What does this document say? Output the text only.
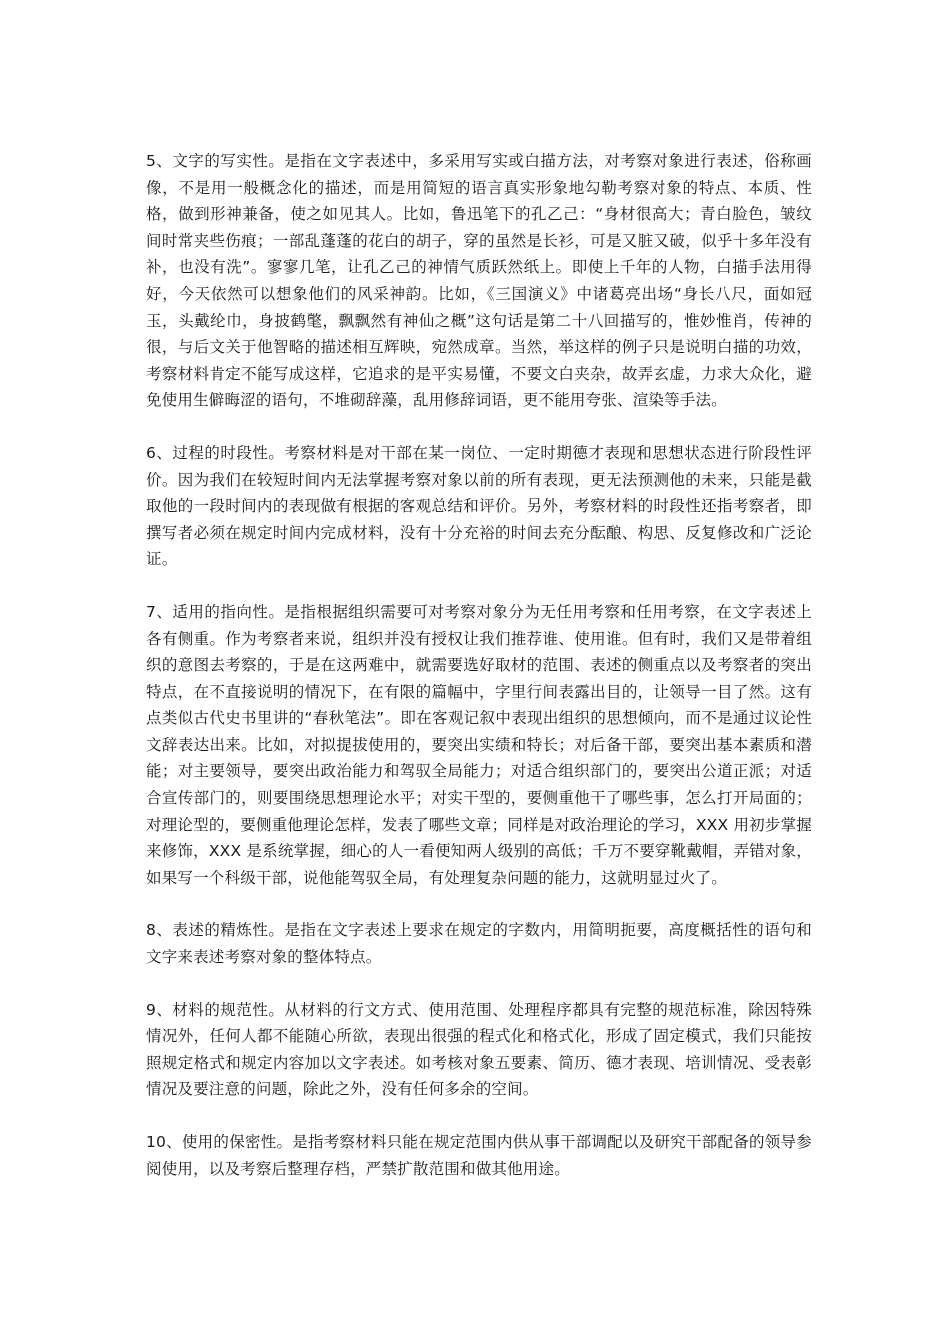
5、文字的写实性。是指在文字表述中，多采用写实或白描方法，对考察对象进行表述，俗称画像，不是用一般概念化的描述，而是用简短的语言真实形象地勾勒考察对象的特点、本质、性格，做到形神兼备，使之如见其人。比如，鲁迅笔下的孔乙己：“身材很高大；青白脸色，皱纹间时常夹些伤痕；一部乱蓬蓬的花白的胡子，穿的虽然是长衫，可是又脏又破，似乎十多年没有补，也没有洗”。寥寥几笔，让孔乙己的神情气质跃然纸上。即使上千年的人物，白描手法用得好，今天依然可以想象他们的风采神韵。比如，《三国演义》中诸葛亮出场“身长八尺，面如冠玉，头戴纶巾，身披鹤氅，飘飘然有神仙之概”这句话是第二十八回描写的，惟妙惟肖，传神的很，与后文关于他智略的描述相互辉映，宛然成章。当然，举这样的例子只是说明白描的功效，考察材料肯定不能写成这样，它追求的是平实易懂，不要文白夹杂，故弄玄虚，力求大众化，避免使用生僻晦涩的语句，不堆砌辞藻，乱用修辞词语，更不能用夸张、渲染等手法。

6、过程的时段性。考察材料是对干部在某一岗位、一定时期德才表现和思想状态进行阶段性评价。因为我们在较短时间内无法掌握考察对象以前的所有表现，更无法预测他的未来，只能是截取他的一段时间内的表现做有根据的客观总结和评价。另外，考察材料的时段性还指考察者，即撰写者必须在规定时间内完成材料，没有十分充裕的时间去充分酝酿、构思、反复修改和广泛论证。

7、适用的指向性。是指根据组织需要可对考察对象分为无任用考察和任用考察，在文字表述上各有侧重。作为考察者来说，组织并没有授权让我们推荐谁、使用谁。但有时，我们又是带着组织的意图去考察的，于是在这两难中，就需要选好取材的范围、表述的侧重点以及考察者的突出特点，在不直接说明的情况下，在有限的篇幅中，字里行间表露出目的，让领导一目了然。这有点类似古代史书里讲的“春秋笔法”。即在客观记叙中表现出组织的思想倾向，而不是通过议论性文辞表达出来。比如，对拟提拔使用的，要突出实绩和特长；对后备干部，要突出基本素质和潜能；对主要领导，要突出政治能力和驾驭全局能力；对适合组织部门的，要突出公道正派；对适合宣传部门的，则要围绕思想理论水平；对实干型的，要侧重他干了哪些事，怎么打开局面的；对理论型的，要侧重他理论怎样，发表了哪些文章；同样是对政治理论的学习，XXX 用初步掌握来修饰，XXX 是系统掌握，细心的人一看便知两人级别的高低；千万不要穿靴戴帽，弄错对象，如果写一个科级干部，说他能驾驭全局，有处理复杂问题的能力，这就明显过火了。

8、表述的精炼性。是指在文字表述上要求在规定的字数内，用简明扼要，高度概括性的语句和文字来表述考察对象的整体特点。

9、材料的规范性。从材料的行文方式、使用范围、处理程序都具有完整的规范标准，除因特殊情况外，任何人都不能随心所欲，表现出很强的程式化和格式化，形成了固定模式，我们只能按照规定格式和规定内容加以文字表述。如考核对象五要素、简历、德才表现、培训情况、受表彰情况及要注意的问题，除此之外，没有任何多余的空间。

10、使用的保密性。是指考察材料只能在规定范围内供从事干部调配以及研究干部配备的领导参阅使用，以及考察后整理存档，严禁扩散范围和做其他用途。
